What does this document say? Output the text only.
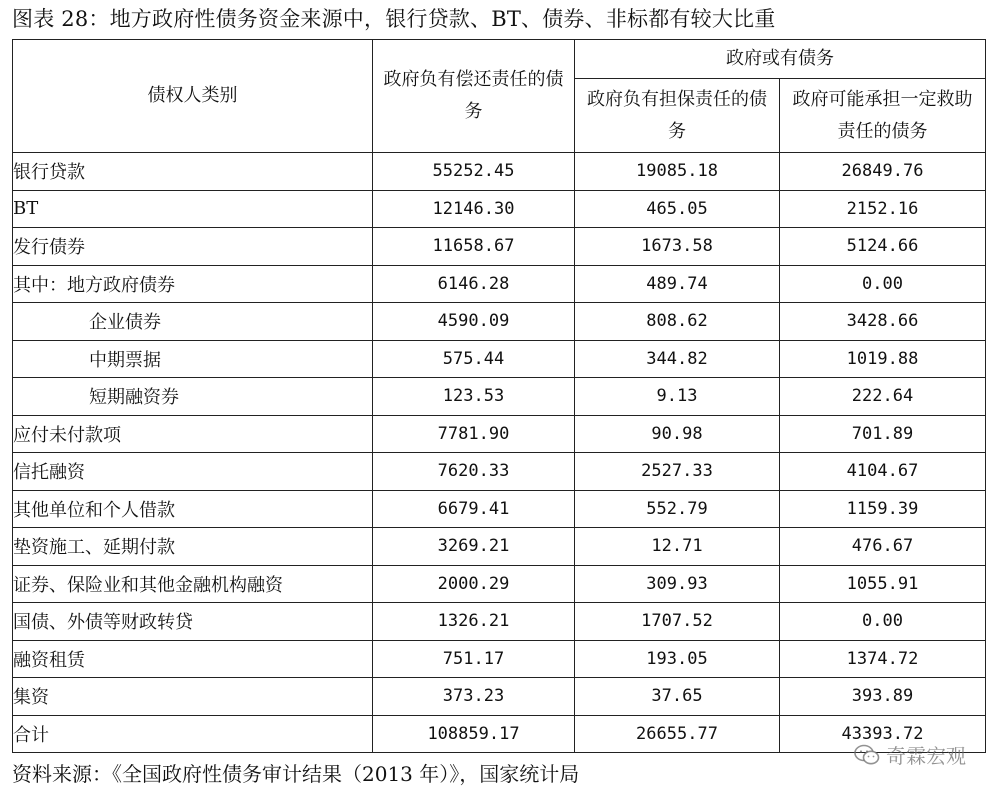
图表 28：地方政府性债务资金来源中，银行贷款、BT、债券、非标都有较大比重
债权人类别	政府负有偿还责任的债务	政府或有债务	
		政府负有担保责任的债务	政府可能承担一定救助责任的债务
银行贷款	55252.45	19085.18	26849.76
BT	12146.30	465.05	2152.16
发行债券	11658.67	1673.58	5124.66
其中：地方政府债券	6146.28	489.74	0.00
企业债券	4590.09	808.62	3428.66
中期票据	575.44	344.82	1019.88
短期融资券	123.53	9.13	222.64
应付未付款项	7781.90	90.98	701.89
信托融资	7620.33	2527.33	4104.67
其他单位和个人借款	6679.41	552.79	1159.39
垫资施工、延期付款	3269.21	12.71	476.67
证券、保险业和其他金融机构融资	2000.29	309.93	1055.91
国债、外债等财政转贷	1326.21	1707.52	0.00
融资租赁	751.17	193.05	1374.72
集资	373.23	37.65	393.89
合计	108859.17	26655.77	43393.72
奇霖宏观
资料来源：《全国政府性债务审计结果（2013 年）》，国家统计局
